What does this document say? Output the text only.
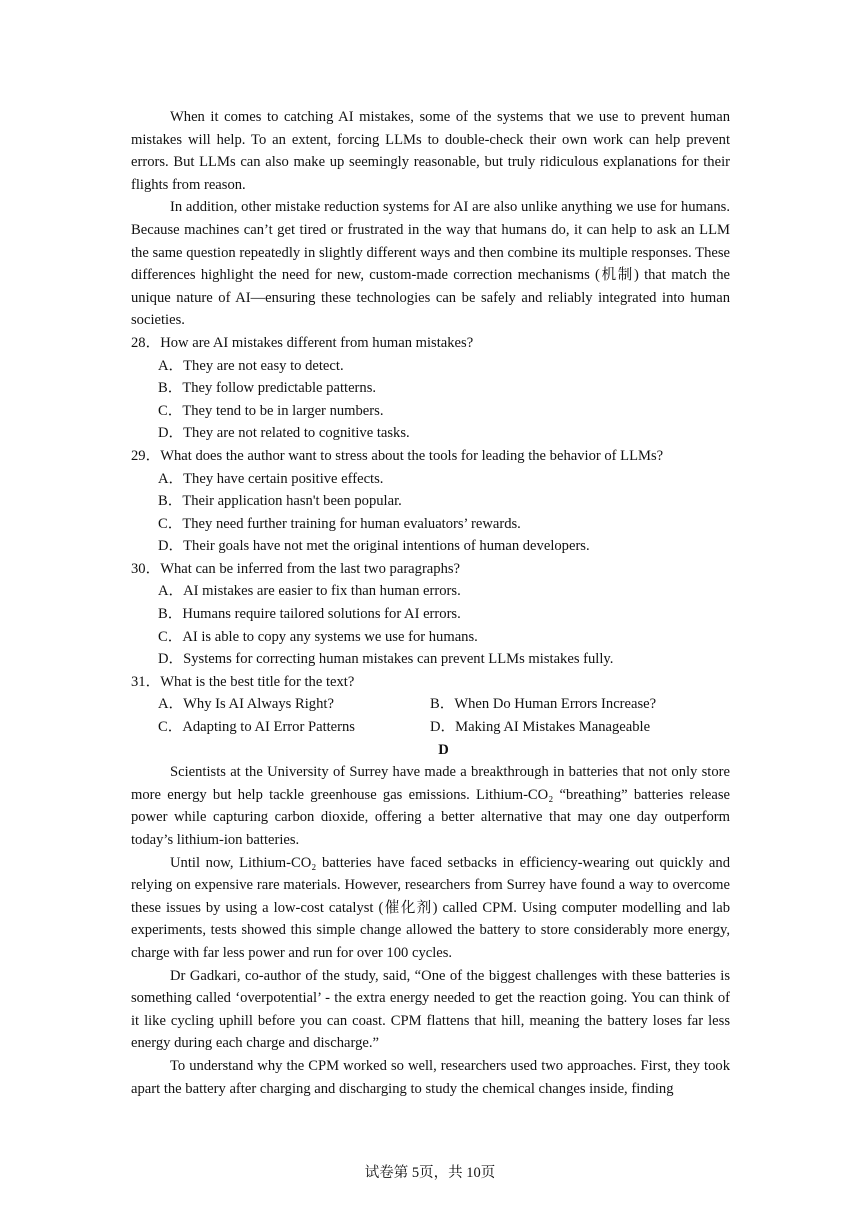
When it comes to catching AI mistakes, some of the systems that we use to prevent human mistakes will help. To an extent, forcing LLMs to double-check their own work can help prevent errors. But LLMs can also make up seemingly reasonable, but truly ridiculous explanations for their flights from reason.

In addition, other mistake reduction systems for AI are also unlike anything we use for humans. Because machines can’t get tired or frustrated in the way that humans do, it can help to ask an LLM the same question repeatedly in slightly different ways and then combine its multiple responses. These differences highlight the need for new, custom-made correction mechanisms (机制) that match the unique nature of AI—ensuring these technologies can be safely and reliably integrated into human societies.

28．How are AI mistakes different from human mistakes?

A．They are not easy to detect.

B．They follow predictable patterns.

C．They tend to be in larger numbers.

D．They are not related to cognitive tasks.

29．What does the author want to stress about the tools for leading the behavior of LLMs?

A．They have certain positive effects.

B．Their application hasn't been popular.

C．They need further training for human evaluators’ rewards.

D．Their goals have not met the original intentions of human developers.

30．What can be inferred from the last two paragraphs?

A．AI mistakes are easier to fix than human errors.

B．Humans require tailored solutions for AI errors.

C．AI is able to copy any systems we use for humans.

D．Systems for correcting human mistakes can prevent LLMs mistakes fully.

31．What is the best title for the text?

A．Why Is AI Always Right?	B．When Do Human Errors Increase?
C．Adapting to AI Error Patterns	D．Making AI Mistakes Manageable

D

Scientists at the University of Surrey have made a breakthrough in batteries that not only store more energy but help tackle greenhouse gas emissions. Lithium-CO₂ “breathing” batteries release power while capturing carbon dioxide, offering a better alternative that may one day outperform today’s lithium-ion batteries.

Until now, Lithium-CO₂ batteries have faced setbacks in efficiency-wearing out quickly and relying on expensive rare materials. However, researchers from Surrey have found a way to overcome these issues by using a low-cost catalyst (催化剂) called CPM. Using computer modelling and lab experiments, tests showed this simple change allowed the battery to store considerably more energy, charge with far less power and run for over 100 cycles.

Dr Gadkari, co-author of the study, said, “One of the biggest challenges with these batteries is something called ‘overpotential’ - the extra energy needed to get the reaction going. You can think of it like cycling uphill before you can coast. CPM flattens that hill, meaning the battery loses far less energy during each charge and discharge.”

To understand why the CPM worked so well, researchers used two approaches. First, they took apart the battery after charging and discharging to study the chemical changes inside, finding

试卷第 5页，共 10页
